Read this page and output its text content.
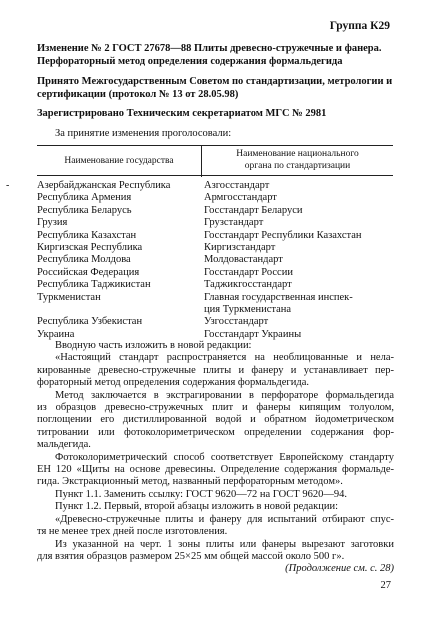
Группа К29
Изменение № 2 ГОСТ 27678—88 Плиты древесно-стружечные и фанера.
Перфораторный метод определения содержания формальдегида
Принято Межгосударственным Советом по стандартизации, метрологии и
сертификации (протокол № 13 от 28.05.98)
Зарегистрировано Техническим секретариатом МГС № 2981
За принятие изменения проголосовали:
Наименование государства
Наименование национального
органа по стандартизации
-	Азербайджанская Республика	Азгосстандарт
Республика Армения	Армгосстандарт
Республика Беларусь	Госстандарт Беларуси
Грузия	Грузстандарт
Республика Казахстан	Госстандарт Республики Казахстан
Киргизская Республика	Киргизстандарт
Республика Молдова	Молдовастандарт
Российская Федерация	Госстандарт России
Республика Таджикистан	Таджикгосстандарт
Туркменистан	Главная государственная инспек-
ция Туркменистана
Республика Узбекистан	Узгосстандарт
Украина	Госстандарт Украины
Вводную часть изложить в новой редакции:
«Настоящий стандарт распространяется на необлицованные и нела-
кированные древесно-стружечные плиты и фанеру и устанавливает пер-
фораторный метод определения содержания формальдегида.
Метод заключается в экстрагировании в перфораторе формальдегида
из образцов древесно-стружечных плит и фанеры кипящим толуолом,
поглощении его дистиллированной водой и обратном йодометрическом
титровании или фотоколориметрическом определении содержания фор-
мальдегида.
Фотоколориметрический способ соответствует Европейскому стандарту
ЕН 120 «Щиты на основе древесины. Определение содержания формальде-
гида. Экстракционный метод, названный перфораторным методом».
Пункт 1.1. Заменить ссылку: ГОСТ 9620—72 на ГОСТ 9620—94.
Пункт 1.2. Первый, второй абзацы изложить в новой редакции:
«Древесно-стружечные плиты и фанеру для испытаний отбирают спус-
тя не менее трех дней после изготовления.
Из указанной на черт. 1 зоны плиты или фанеры вырезают заготовки
для взятия образцов размером 25×25 мм общей массой около 500 г».
(Продолжение см. с. 28)
27
